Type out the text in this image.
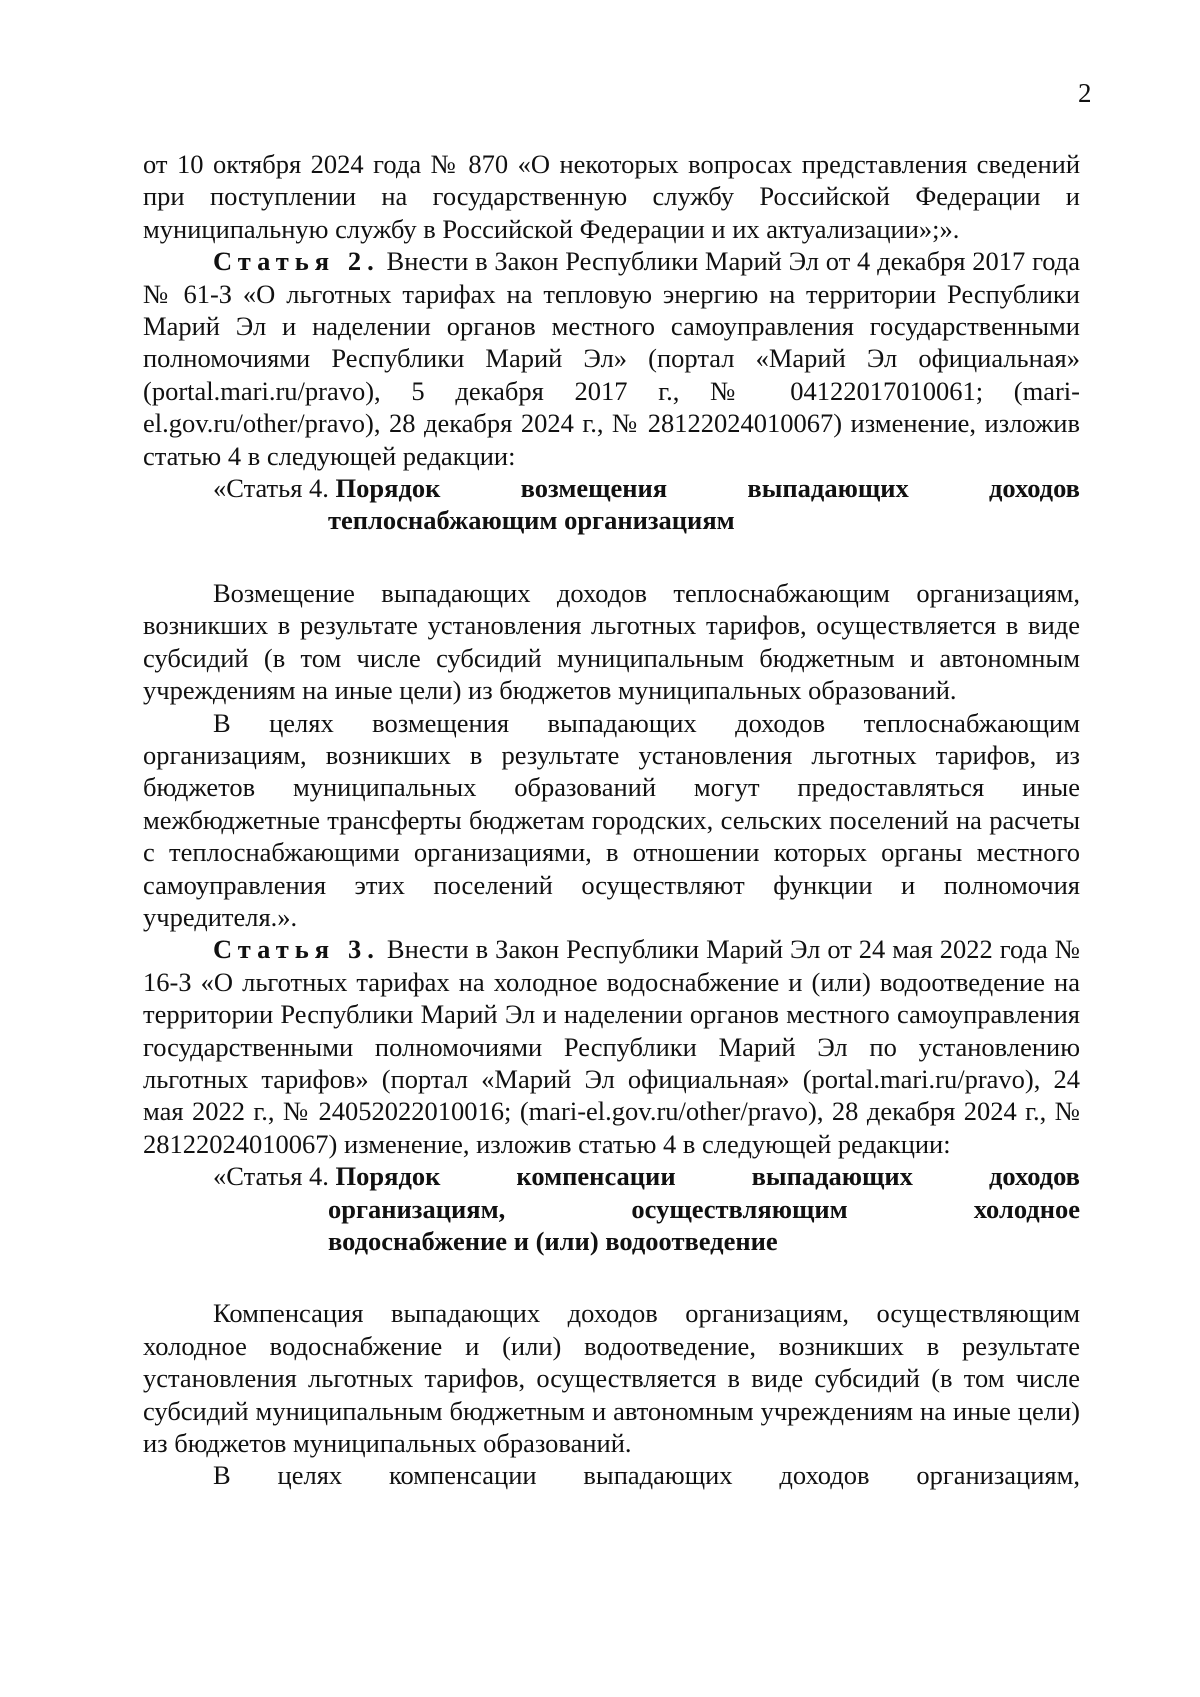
2

от 10 октября 2024 года № 870 «О некоторых вопросах представления сведений при поступлении на государственную службу Российской Федерации и муниципальную службу в Российской Федерации и их актуализации»;».

Статья 2. Внести в Закон Республики Марий Эл от 4 декабря 2017 года № 61-З «О льготных тарифах на тепловую энергию на территории Республики Марий Эл и наделении органов местного самоуправления государственными полномочиями Республики Марий Эл» (портал «Марий Эл официальная» (portal.mari.ru/pravo), 5 декабря 2017 г., № 04122017010061; (mari-el.gov.ru/other/pravo), 28 декабря 2024 г., № 28122024010067) изменение, изложив статью 4 в следующей редакции:

«Статья 4. Порядок возмещения выпадающих доходов

теплоснабжающим организациям

Возмещение выпадающих доходов теплоснабжающим организациям, возникших в результате установления льготных тарифов, осуществляется в виде субсидий (в том числе субсидий муниципальным бюджетным и автономным учреждениям на иные цели) из бюджетов муниципальных образований.

В целях возмещения выпадающих доходов теплоснабжающим организациям, возникших в результате установления льготных тарифов, из бюджетов муниципальных образований могут предоставляться иные межбюджетные трансферты бюджетам городских, сельских поселений на расчеты с теплоснабжающими организациями, в отношении которых органы местного самоуправления этих поселений осуществляют функции и полномочия учредителя.».

Статья 3. Внести в Закон Республики Марий Эл от 24 мая 2022 года № 16-З «О льготных тарифах на холодное водоснабжение и (или) водоотведение на территории Республики Марий Эл и наделении органов местного самоуправления государственными полномочиями Республики Марий Эл по установлению льготных тарифов» (портал «Марий Эл официальная» (portal.mari.ru/pravo), 24 мая 2022 г., № 24052022010016; (mari-el.gov.ru/other/pravo), 28 декабря 2024 г., № 28122024010067) изменение, изложив статью 4 в следующей редакции:

«Статья 4. Порядок компенсации выпадающих доходов

организациям, осуществляющим холодное

водоснабжение и (или) водоотведение

Компенсация выпадающих доходов организациям, осуществляющим холодное водоснабжение и (или) водоотведение, возникших в результате установления льготных тарифов, осуществляется в виде субсидий (в том числе субсидий муниципальным бюджетным и автономным учреждениям на иные цели) из бюджетов муниципальных образований.

В целях компенсации выпадающих доходов организациям,
